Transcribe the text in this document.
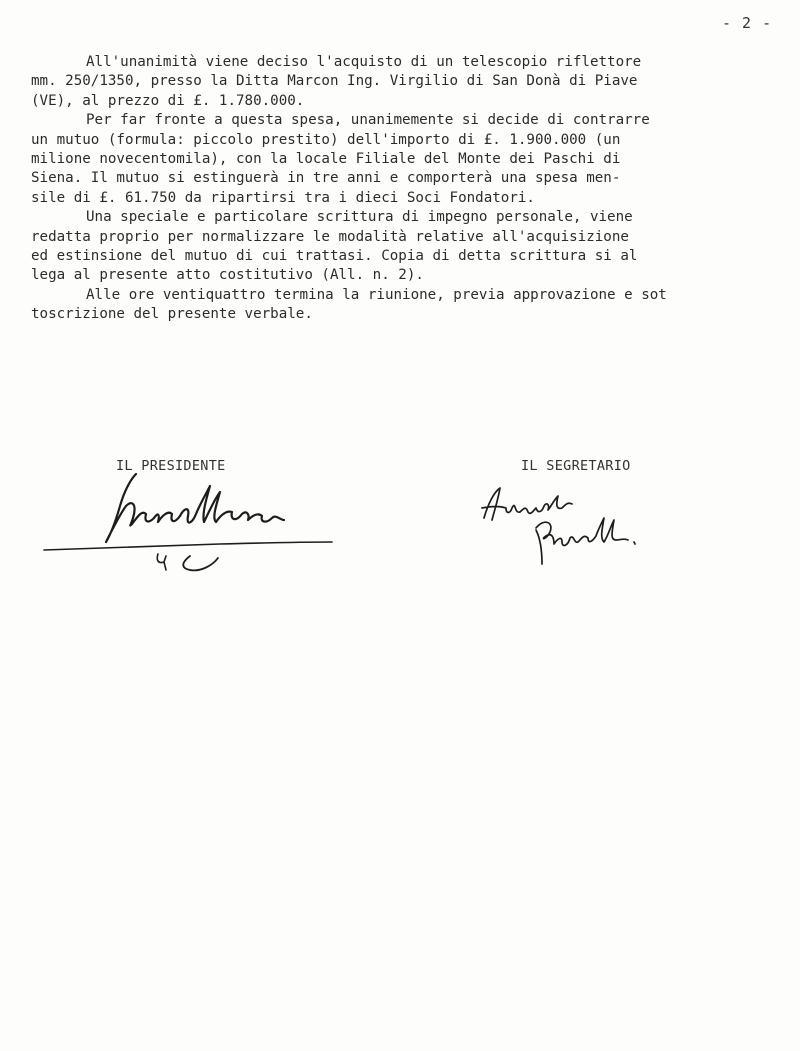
- 2 -
All'unanimità viene deciso l'acquisto di un telescopio riflettore
mm. 250/1350, presso la Ditta Marcon Ing. Virgilio di San Donà di Piave
(VE), al prezzo di £. 1.780.000.
Per far fronte a questa spesa, unanimemente si decide di contrarre
un mutuo (formula: piccolo prestito) dell'importo di £. 1.900.000 (un
milione novecentomila), con la locale Filiale del Monte dei Paschi di
Siena. Il mutuo si estinguerà in tre anni e comporterà una spesa men-
sile di £. 61.750 da ripartirsi tra i dieci Soci Fondatori.
Una speciale e particolare scrittura di impegno personale, viene
redatta proprio per normalizzare le modalità relative all'acquisizione
ed estinsione del mutuo di cui trattasi. Copia di detta scrittura si al
lega al presente atto costitutivo (All. n. 2).
Alle ore ventiquattro termina la riunione, previa approvazione e sot
toscrizione del presente verbale.
IL PRESIDENTE	IL SEGRETARIO
